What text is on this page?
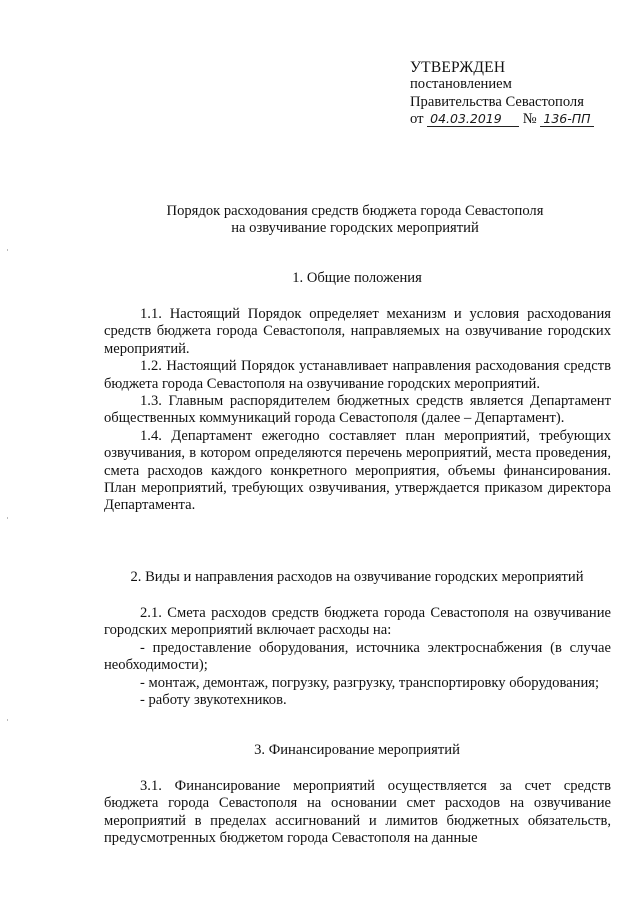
УТВЕРЖДЕН
постановлением
Правительства Севастополя
от 04.03.2019 № 136-ПП
Порядок расходования средств бюджета города Севастополя
на озвучивание городских мероприятий
1. Общие положения

1.1. Настоящий Порядок определяет механизм и условия расходования средств бюджета города Севастополя, направляемых на озвучивание городских мероприятий.

1.2. Настоящий Порядок устанавливает направления расходования средств бюджета города Севастополя на озвучивание городских мероприятий.

1.3. Главным распорядителем бюджетных средств является Департамент общественных коммуникаций города Севастополя (далее – Департамент).

1.4. Департамент ежегодно составляет план мероприятий, требующих озвучивания, в котором определяются перечень мероприятий, места проведения, смета расходов каждого конкретного мероприятия, объемы финансирования. План мероприятий, требующих озвучивания, утверждается приказом директора Департамента.

2. Виды и направления расходов на озвучивание городских мероприятий

2.1. Смета расходов средств бюджета города Севастополя на озвучивание городских мероприятий включает расходы на:

- предоставление оборудования, источника электроснабжения (в случае необходимости);

- монтаж, демонтаж, погрузку, разгрузку, транспортировку оборудования;

- работу звукотехников.

3. Финансирование мероприятий

3.1. Финансирование мероприятий осуществляется за счет средств бюджета города Севастополя на основании смет расходов на озвучивание мероприятий в пределах ассигнований и лимитов бюджетных обязательств, предусмотренных бюджетом города Севастополя на данные
